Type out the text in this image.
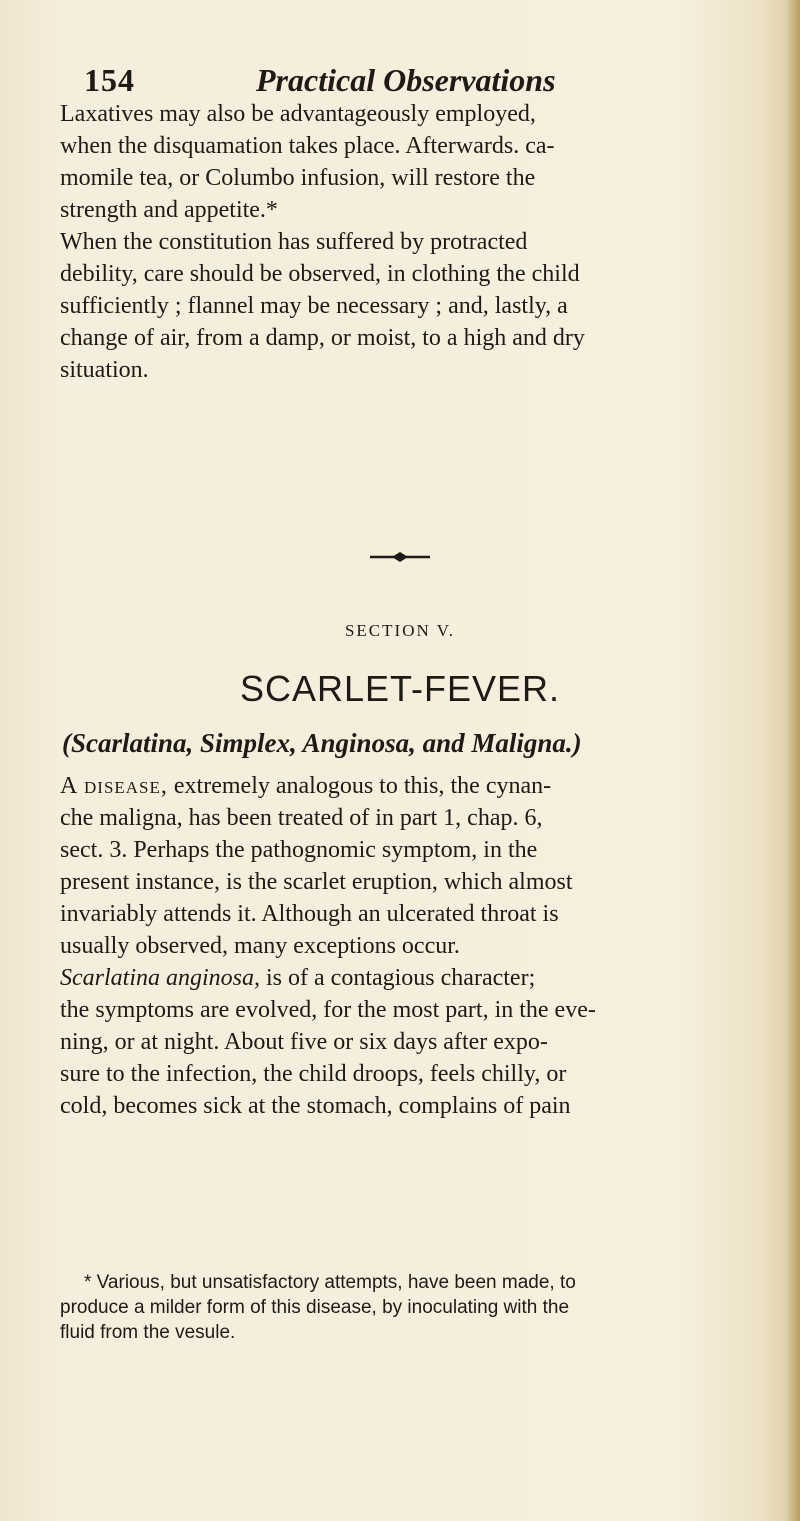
154	Practical Observations

Laxatives may also be advantageously employed,

when the disquamation takes place. Afterwards. ca-

momile tea, or Columbo infusion, will restore the

strength and appetite.*

When the constitution has suffered by protracted

debility, care should be observed, in clothing the child

sufficiently ; flannel may be necessary ; and, lastly, a

change of air, from a damp, or moist, to a high and dry

situation.

SECTION V.
SCARLET-FEVER.
(Scarlatina, Simplex, Anginosa, and Maligna.)

A disease, extremely analogous to this, the cynan-

che maligna, has been treated of in part 1, chap. 6,

sect. 3. Perhaps the pathognomic symptom, in the

present instance, is the scarlet eruption, which almost

invariably attends it. Although an ulcerated throat is

usually observed, many exceptions occur.

Scarlatina anginosa, is of a contagious character;

the symptoms are evolved, for the most part, in the eve-

ning, or at night. About five or six days after expo-

sure to the infection, the child droops, feels chilly, or

cold, becomes sick at the stomach, complains of pain

* Various, but unsatisfactory attempts, have been made, to

produce a milder form of this disease, by inoculating with the

fluid from the vesule.
